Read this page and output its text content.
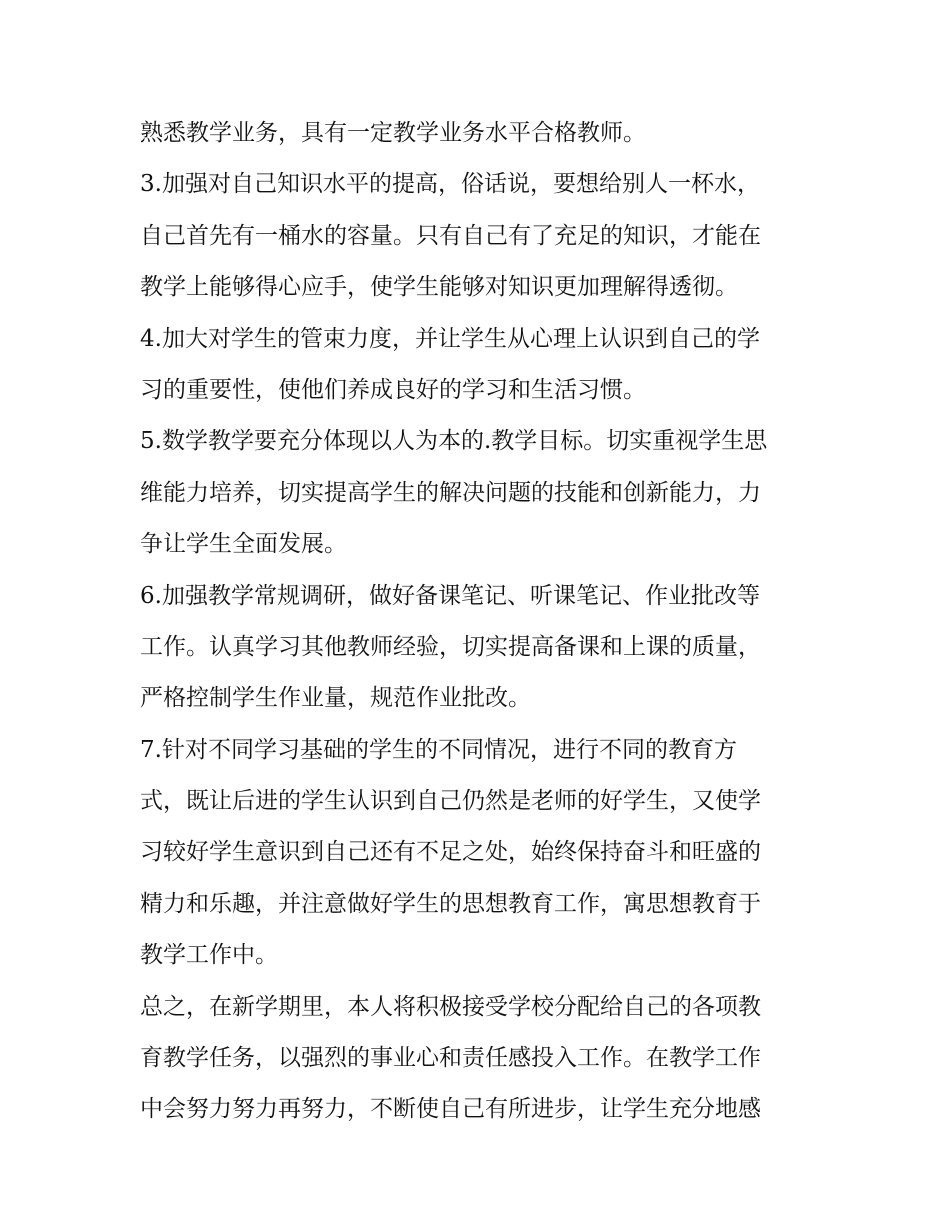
熟悉教学业务，具有一定教学业务水平合格教师。
3.加强对自己知识水平的提高，俗话说，要想给别人一杯水，
自己首先有一桶水的容量。只有自己有了充足的知识，才能在
教学上能够得心应手，使学生能够对知识更加理解得透彻。
4.加大对学生的管束力度，并让学生从心理上认识到自己的学
习的重要性，使他们养成良好的学习和生活习惯。
5.数学教学要充分体现以人为本的.教学目标。切实重视学生思
维能力培养，切实提高学生的解决问题的技能和创新能力，力
争让学生全面发展。
6.加强教学常规调研，做好备课笔记、听课笔记、作业批改等
工作。认真学习其他教师经验，切实提高备课和上课的质量，
严格控制学生作业量，规范作业批改。
7.针对不同学习基础的学生的不同情况，进行不同的教育方
式，既让后进的学生认识到自己仍然是老师的好学生，又使学
习较好学生意识到自己还有不足之处，始终保持奋斗和旺盛的
精力和乐趣，并注意做好学生的思想教育工作，寓思想教育于
教学工作中。
总之，在新学期里，本人将积极接受学校分配给自己的各项教
育教学任务，以强烈的事业心和责任感投入工作。在教学工作
中会努力努力再努力，不断使自己有所进步，让学生充分地感
